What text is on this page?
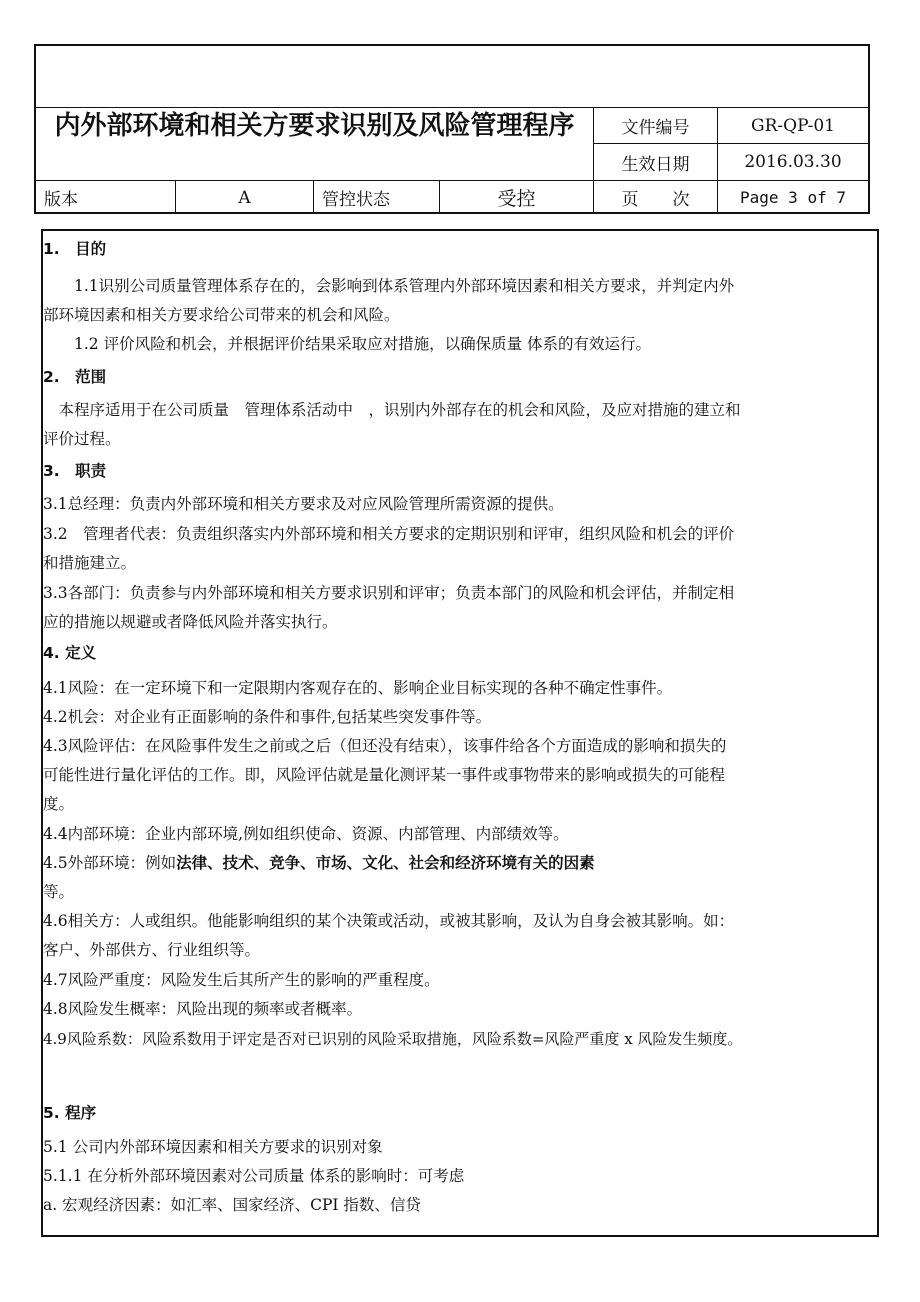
内外部环境和相关方要求识别及风险管理程序	文件编号	GR-QP-01
生效日期	2016.03.30
版本	A	管控状态	受控	页　　次	Page 3 of 7
1.　目的
　　1.1识别公司质量管理体系存在的，会影响到体系管理内外部环境因素和相关方要求，并判定内外
部环境因素和相关方要求给公司带来的机会和风险。
　　1.2 评价风险和机会，并根据评价结果采取应对措施，以确保质量 体系的有效运行。
2.　范围
　本程序适用于在公司质量　管理体系活动中　，识别内外部存在的机会和风险，及应对措施的建立和
评价过程。
3.　职责
3.1总经理：负责内外部环境和相关方要求及对应风险管理所需资源的提供。
3.2　管理者代表：负责组织落实内外部环境和相关方要求的定期识别和评审，组织风险和机会的评价
和措施建立。
3.3各部门：负责参与内外部环境和相关方要求识别和评审；负责本部门的风险和机会评估，并制定相
应的措施以规避或者降低风险并落实执行。
4. 定义
4.1风险：在一定环境下和一定限期内客观存在的、影响企业目标实现的各种不确定性事件。
4.2机会：对企业有正面影响的条件和事件,包括某些突发事件等。
4.3风险评估：在风险事件发生之前或之后（但还没有结束），该事件给各个方面造成的影响和损失的
可能性进行量化评估的工作。即，风险评估就是量化测评某一事件或事物带来的影响或损失的可能程
度。
4.4内部环境：企业内部环境,例如组织使命、资源、内部管理、内部绩效等。
4.5外部环境：例如法律、技术、竞争、市场、文化、社会和经济环境有关的因素
等。
4.6相关方：人或组织。他能影响组织的某个决策或活动，或被其影响，及认为自身会被其影响。如：
客户、外部供方、行业组织等。
4.7风险严重度：风险发生后其所产生的影响的严重程度。
4.8风险发生概率：风险出现的频率或者概率。
4.9风险系数：风险系数用于评定是否对已识别的风险采取措施，风险系数=风险严重度 x 风险发生频度。
5. 程序
5.1 公司内外部环境因素和相关方要求的识别对象
5.1.1 在分析外部环境因素对公司质量 体系的影响时：可考虑
a. 宏观经济因素：如汇率、国家经济、CPI 指数、信贷
